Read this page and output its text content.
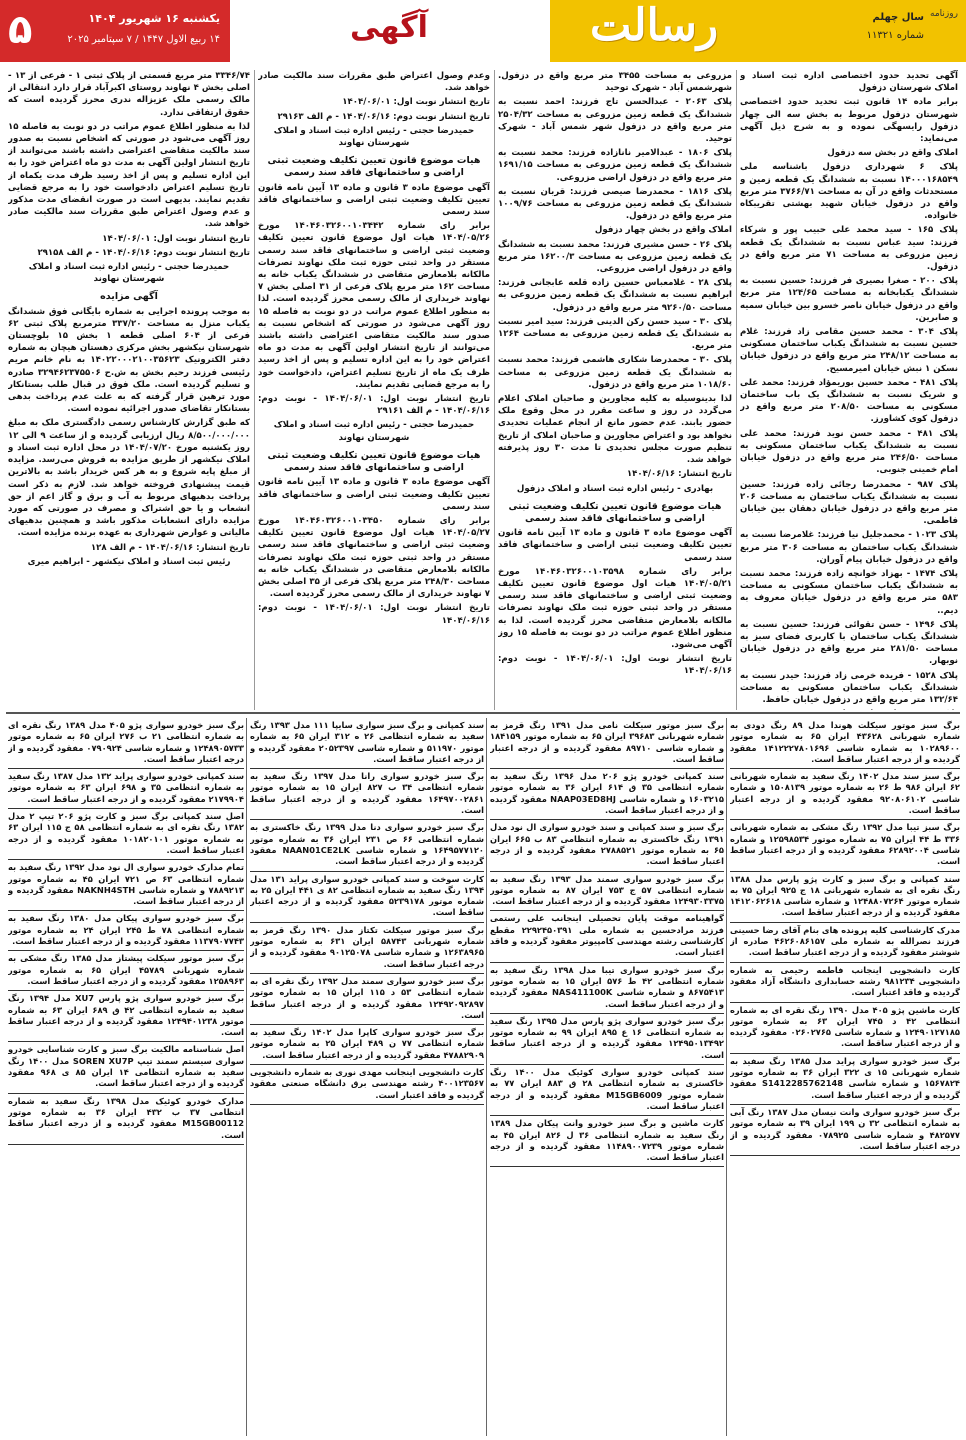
۵	یکشنبه ۱۶ شهریور ۱۴۰۴
۱۴ ربیع الاول ۱۴۴۷ / ۷ سپتامبر ۲۰۲۵	آگهی	رسالت	سال چهلم
شماره ۱۱۳۲۱
روزنامه

آگهی تحدید حدود اختصاصی اداره ثبت اسناد و املاک شهرستان دزفول

برابر ماده ۱۴ قانون ثبت تحدید حدود اختصاصی شهرستان دزفول مربوط به بخش سه الی چهار دزفول رایسهگی نموده و به شرح ذیل آگهی می‌نماید:

املاک واقع در بخش سه دزفول

پلاک ۶ شهرداری دزفول باشناسه ملی ۱۴۰۰۰۱۶۸۵۴۹ نسبت به ششدانگ یک قطعه زمین و مستحدثات واقع در آن به مساحت ۳۷۶۶/۷۱ متر مربع واقع در دزفول خیابان شهید بهشتی تقریبکاه خانواده.

پلاک ۱۶۵ - سید محمد علی حبیب پور و شرکاء فرزند: سید عباس نسبت به ششدانگ یک قطعه زمین مزروعی به مساحت ۷۱ متر مربع واقع در دزفول.

پلاک ۲۰۰ - صغرا بصیری فر فرزند: حسین نسبت به ششدانگ یکبابخانه به مساحت ۱۲۴/۶۵ متر مربع واقع در دزفول خیابان ناصر خسرو بین خیابان سمیه و صابرین.

پلاک ۳۰۴ - محمد حسین مقامی زاد فرزند: غلام حسین نسبت به ششدانگ یکباب ساختمان مسکونی به مساحت ۲۴۸/۱۲ متر مربع واقع در دزفول خیابان نسکن ۱ نبش خیابان امیرمسیح.

پلاک ۴۸۱ - محمد حسین بوریمؤاد فرزند: محمد علی و شریک نسبت به ششدانگ یک باب ساختمان مسکونی به مساحت ۲۰۸/۵۰ متر مربع واقع در دزفول کوی کشاورز.

پلاک ۴۸۱ - محمد حسن نوید فرزند: محمد علی نسبت به ششدانگ یکباب ساختمان مسکونی به مساحت ۲۴۶/۵۰ متر مربع واقع در دزفول خیابان امام خمینی جنوبی.

پلاک ۹۸۷ - محمدرضا رجائی زاده فرزند: حسین نسبت به ششدانگ یکباب ساختمان به مساحت ۲۰۶ متر مربع واقع در دزفول خیابان دهقان بین خیابان فاطمی.

پلاک ۱۰۲۳ - محمدجلیل نیا فرزند: غلامرضا نسبت به ششدانگ یکباب ساختمان به مساحت ۳۰۶ متر مربع واقع در دزفول خیابان پیام آوران.

پلاک ۱۴۷۴ - بهزاد خوانچه زاده فرزند: محمد نسبت به ششدانگ یکباب ساختمان مسکونی به مساحت ۵۸۳ متر مربع واقع در دزفول خیابان معروف به دیم..

پلاک ۱۴۹۶ - حسن تقوائی فرزند: حسین نسبت به ششدانگ یکباب ساختمان با کاربری فضای سبز به مساحت ۲۸۱/۵۰ متر مربع واقع در دزفول خیابان نوبهار.

پلاک ۱۵۲۸ - فریده خرمی زاد فرزند: حیدر نسبت به ششدانگ یکباب ساختمان مسکونی به مساحت ۱۳۲/۶۴ متر مربع واقع در دزفول خیابان حافظ.

مزروعی به مساحت ۳۴۵۵ متر مربع واقع در دزفول. شهرشمس آباد - شهرک توحید

پلاک ۲۰۶۳ - عبدالحسن تاج فرزند: احمد نسبت به ششدانگ یک قطعه زمین مزروعی به مساحت ۲۵۰۴/۳۲ متر مربع واقع در دزفول شهر شمس آباد - شهرک توحید.

پلاک ۱۸۰۶ - عبدالامیر نانازاده فرزند: محمد نسبت به ششدانگ یک قطعه زمین مزروعی به مساحت ۱۶۹۱/۱۵ متر مربع واقع در دزفول اراضی مزروعی.

پلاک ۱۸۱۶ - محمدرضا صیصی فرزند: قربان نسبت به ششدانگ یک قطعه زمین مزروعی به مساحت ۱۰۰۹/۷۶ متر مربع واقع در دزفول.

املاک واقع در بخش چهار دزفول

پلاک ۲۶ - حسن مشیری فرزند: محمد نسبت به ششدانگ یک قطعه زمین مزروعی به مساحت ۱۶۲۰۰/۳ متر مربع واقع در دزفول اراضی مزروعی.

پلاک ۲۸ - غلامعباس حسین زاده قلعه عابجانی فرزند: ابراهیم نسبت به ششدانگ یک قطعه زمین مزروعی به مساحت ۹۲۶۰/۵۰ متر مربع واقع در دزفول.

پلاک ۳۰ - سید حسن رکن الدینی فرزند: سید امیر نسبت به ششدانگ یک قطعه زمین مزروعی به مساحت ۱۲۶۴ متر مربع.

پلاک ۳۰ - محمدرضا شکاری هاشمی فرزند: محمد نسبت به ششدانگ یک قطعه زمین مزروعی به مساحت ۱۰۱۸/۶۰ متر مربع واقع در دزفول.

لذا بدینوسیله به کلیه مجاورین و صاحبان املاک اعلام می‌گردد در روز و ساعت مقرر در محل وقوع ملک حضور یابند. عدم حضور مانع از انجام عملیات تحدیدی نخواهد بود و اعتراض مجاورین و صاحبان املاک از تاریخ تنظیم صورت مجلس تحدیدی تا مدت ۳۰ روز پذیرفته خواهد شد.

تاریخ انتشار: ۱۴۰۴/۰۶/۱۶

بهادری - رئیس اداره ثبت اسناد و املاک دزفول

هیات موضوع قانون تعیین تکلیف وضعیت ثبتی اراضی و ساختمانهای فاقد سند رسمی

آگهی موضوع ماده ۳ قانون و ماده ۱۳ آیین نامه قانون تعیین تکلیف وضعیت ثبتی اراضی و ساختمانهای فاقد سند رسمی

برابر رای شماره ۱۴۰۴۶۰۳۲۶۰۰۱۰۳۵۹۸ مورخ ۱۴۰۴/۰۵/۲۱ هیات اول موضوع قانون تعیین تکلیف وضعیت ثبتی اراضی و ساختمانهای فاقد سند رسمی مستقر در واحد ثبتی حوزه ثبت ملک نهاوند تصرفات مالکانه بلامعارض متقاضی محرز گردیده است. لذا به منظور اطلاع عموم مراتب در دو نوبت به فاصله ۱۵ روز آگهی می‌شود.

تاریخ انتشار نوبت اول: ۱۴۰۴/۰۶/۰۱ - نوبت دوم: ۱۴۰۴/۰۶/۱۶

وعدم وصول اعتراض طبق مقررات سند مالکیت صادر خواهد شد.

تاریخ انتشار نوبت اول: ۱۴۰۴/۰۶/۰۱

تاریخ انتشار نوبت دوم: ۱۴۰۴/۰۶/۱۶ - م الف ۲۹۱۶۳

حمیدرضا حجتی - رئیس اداره ثبت اسناد و املاک شهرستان نهاوند

هیات موضوع قانون تعیین تکلیف وضعیت ثبتی اراضی و ساختمانهای فاقد سند رسمی

آگهی موضوع ماده ۳ قانون و ماده ۱۳ آیین نامه قانون تعیین تکلیف وضعیت ثبتی اراضی و ساختمانهای فاقد سند رسمی

برابر رای شماره ۱۴۰۴۶۰۳۲۶۰۰۱۰۳۴۴۲ مورخ ۱۴۰۴/۰۵/۲۶ هیات اول موضوع قانون تعیین تکلیف وضعیت ثبتی اراضی و ساختمانهای فاقد سند رسمی مستقر در واحد ثبتی حوزه ثبت ملک نهاوند تصرفات مالکانه بلامعارض متقاضی در ششدانگ یکباب خانه به مساحت ۱۶۲ متر مربع پلاک فرعی از ۳۱ اصلی بخش ۷ نهاوند خریداری از مالک رسمی محرز گردیده است. لذا به منظور اطلاع عموم مراتب در دو نوبت به فاصله ۱۵ روز آگهی می‌شود در صورتی که اشخاص نسبت به صدور سند مالکیت متقاضی اعتراضی داشته باشند می‌توانند از تاریخ انتشار اولین آگهی به مدت دو ماه اعتراض خود را به این اداره تسلیم و پس از اخذ رسید ظرف یک ماه از تاریخ تسلیم اعتراض، دادخواست خود را به مرجع قضایی تقدیم نمایند.

تاریخ انتشار نوبت اول: ۱۴۰۴/۰۶/۰۱ - نوبت دوم: ۱۴۰۴/۰۶/۱۶ - م الف ۲۹۱۶۱

حمیدرضا حجتی - رئیس اداره ثبت اسناد و املاک شهرستان نهاوند

هیات موضوع قانون تعیین تکلیف وضعیت ثبتی اراضی و ساختمانهای فاقد سند رسمی

آگهی موضوع ماده ۳ قانون و ماده ۱۳ آیین نامه قانون تعیین تکلیف وضعیت ثبتی اراضی و ساختمانهای فاقد سند رسمی

برابر رای شماره ۱۴۰۴۶۰۳۲۶۰۰۱۰۳۴۵۰ مورخ ۱۴۰۴/۰۵/۲۷ هیات اول موضوع قانون تعیین تکلیف وضعیت ثبتی اراضی و ساختمانهای فاقد سند رسمی مستقر در واحد ثبتی حوزه ثبت ملک نهاوند تصرفات مالکانه بلامعارض متقاضی در ششدانگ یکباب خانه به مساحت ۲۴۸/۳۰ متر مربع پلاک فرعی از ۳۵ اصلی بخش ۷ نهاوند خریداری از مالک رسمی محرز گردیده است.

تاریخ انتشار نوبت اول: ۱۴۰۴/۰۶/۰۱ - نوبت دوم: ۱۴۰۴/۰۶/۱۶

۳۳۴۶/۷۴ متر مربع قسمتی از پلاک ثبتی ۱ - فرعی از ۱۳ - اصلی بخش ۴ نهاوند روستای اکبرآباد قرار دارد انتقالی از مالک رسمی ملک عزیزاله ندری محرز گردیده است که حقوق ارتفاقی ندارد.

لذا به منظور اطلاع عموم مراتب در دو نوبت به فاصله ۱۵ روز آگهی می‌شود در صورتی که اشخاص نسبت به صدور سند مالکیت متقاضی اعتراضی داشته باشند می‌توانند از تاریخ انتشار اولین آگهی به مدت دو ماه اعتراض خود را به این اداره تسلیم و پس از اخذ رسید ظرف مدت یکماه از تاریخ تسلیم اعتراض دادخواست خود را به مرجع قضایی تقدیم نمایند. بدیهی است در صورت انقضای مدت مذکور و عدم وصول اعتراض طبق مقررات سند مالکیت صادر خواهد شد.

تاریخ انتشار نوبت اول: ۱۴۰۴/۰۶/۰۱

تاریخ انتشار نوبت دوم: ۱۴۰۴/۰۶/۱۶ - م الف ۲۹۱۵۸

حمیدرضا حجتی - رئیس اداره ثبت اسناد و املاک شهرستان نهاوند

آگهی مزایده

به موجب پرونده اجرایی به شماره بایگانی فوق ششدانگ یکباب منزل به مساحت ۳۳۷/۲۰ مترمربع پلاک ثبتی ۶۲ فرعی از ۶۰۴ اصلی قطعه ۱ بخش ۱۵ بلوچستان شهرستان نیکشهر بخش مرکزی دهستان هیچان به شماره دفتر الکترونیک ۱۴۰۲۲۰۰۰۲۱۰۰۳۵۶۲۳ به نام خانم مریم رئیسی فرزند رحیم بخش به ش.ح ۳۲۹۴۶۲۳۷۵۵۰۶ صادره و تسلیم گردیده است. ملک فوق در قبال طلب بستانکار مورد ترهین قرار گرفته که به علت عدم پرداخت بدهی بستانکار تقاضای صدور اجرائیه نموده است.

که طبق گزارش کارشناس رسمی دادگستری ملک به مبلغ ۸/۵۰۰/۰۰۰/۰۰۰ ریال ارزیابی گردیده و از ساعت ۹ الی ۱۲ روز یکشنبه مورخ ۱۴۰۴/۰۷/۲۰ در محل اداره ثبت اسناد و املاک نیکشهر از طریق مزایده به فروش می‌رسد. مزایده از مبلغ پایه شروع و به هر کس خریدار باشد به بالاترین قیمت پیشنهادی فروخته خواهد شد. لازم به ذکر است پرداخت بدهیهای مربوط به آب و برق و گاز اعم از حق انشعاب و یا حق اشتراک و مصرف در صورتی که مورد مزایده دارای انشعابات مذکور باشد و همچنین بدهیهای مالیاتی و عوارض شهرداری به عهده برنده مزایده است.

تاریخ انتشار: ۱۴۰۴/۰۶/۱۶ - م الف ۱۲۸

رئیس ثبت اسناد و املاک نیکشهر - ابراهیم میری

برگ سبز موتور سیکلت هوندا مدل ۸۹ رنگ دودی به شماره شهربانی ۴۳۶۲۸ ایران ۶۵ به شماره موتور ۱۰۲۸۹۶۰۰ به شماره شاسی ۱۴۱۲۲۲۷۸۰۱۶۹۶ مفقود گردیده و از درجه اعتبار ساقط است.
برگ سبز سند مدل ۱۴۰۲ رنگ سفید به شماره شهربانی ۶۲ ایران ۹۸۶ ط ۲۶ به شماره موتور ۱۵۰۸۱۳۹ و شماره شاسی ۹۲۰۸۰۶۱۰۲ مفقود گردیده و از درجه اعتبار ساقط است.
برگ سبز تیبا مدل ۱۳۹۲ رنگ مشکی به شماره شهربانی ۳۳۶ ط ۴۴ ایران ۷۵ به شماره موتور ۱۲۵۹۸۵۳۴ و شماره شاسی ۶۲۸۹۲۰۰۴ مفقود گردیده و از درجه اعتبار ساقط است.
سند کمپانی و برگ سبز و کارت پژو پارس مدل ۱۳۸۸ رنگ نقره ای به شماره شهربانی ۱۸ ج ۹۲۵ ایران ۷۵ به شماره موتور ۱۲۴۸۸۰۷۲۶۴ و شماره شاسی ۱۴۱۲۰۶۲۶۱۸ مفقود گردیده و از درجه اعتبار ساقط است.
مدرک کارشناسی کلیه پرونده های بنام آقای رضا حسینی فرزند نصرالله به شماره ملی ۴۶۲۶۰۸۶۱۵۷ صادره از شوشتر مفقود گردیده و از درجه اعتبار ساقط است.
کارت دانشجویی اینجانب فاطمه رحیمی به شماره دانشجویی ۹۸۱۲۳۴ رشته حسابداری دانشگاه آزاد مفقود گردیده و فاقد اعتبار است.
کارت ماشین پژو ۴۰۵ مدل ۱۳۹۰ رنگ نقره ای به شماره انتظامی ۴۲ د ۷۴۵ ایران ۶۳ به شماره موتور ۱۲۴۹۰۱۲۷۱۸۵ و شماره شاسی ۰۲۶۰۲۷۶۵ مفقود گردیده و از درجه اعتبار ساقط است.
برگ سبز خودرو سواری پراید مدل ۱۳۸۵ رنگ سفید به شماره شهربانی ۱۵ ی ۳۲۲ ایران ۳۶ به شماره موتور ۱۵۶۷۸۲۴ و شماره شاسی S1412285762148 مفقود گردیده و از درجه اعتبار ساقط است.
برگ سبز خودرو سواری وانت نیسان مدل ۱۳۸۷ رنگ آبی به شماره انتظامی ۳۲ ن ۱۹۹ ایران ۳۹ به شماره موتور ۴۸۲۵۷۷ و شماره شاسی ۰۷۸۹۲۵ مفقود گردیده و از درجه اعتبار ساقط است.
برگ سبز موتور سیکلت نامی مدل ۱۳۹۱ رنگ قرمز به شماره شهربانی ۳۹۶۸۳ ایران ۶۵ به شماره موتور ۱۸۴۱۵۹ و شماره شاسی ۸۹۷۱۰ مفقود گردیده و از درجه اعتبار ساقط است.
سند کمپانی خودرو پژو ۲۰۶ مدل ۱۳۹۶ رنگ سفید به شماره انتظامی ۳۵ ق ۶۱۴ ایران ۳۶ به شماره موتور ۱۶۰۳۲۱۵ و شماره شاسی NAAP03ED8HJ مفقود گردیده و از درجه اعتبار ساقط است.
برگ سبز و سند کمپانی و سند خودرو سواری ال نود مدل ۱۳۹۱ رنگ خاکستری به شماره انتظامی ۸۳ ب ۶۶۵ ایران ۶۵ به شماره موتور ۲۷۸۸۵۲۱ مفقود گردیده و از درجه اعتبار ساقط است.
برگ سبز خودرو سواری سمند مدل ۱۳۹۳ رنگ سفید به شماره انتظامی ۵۷ ج ۷۵۳ ایران ۸۷ به شماره موتور ۱۲۴۹۳۰۳۳۷۵ مفقود گردیده و از درجه اعتبار ساقط است.
گواهینامه موقت پایان تحصیلی اینجانب علی رستمی فرزند مرادحسین به شماره ملی ۲۲۹۲۴۵۰۳۹۱ مقطع کارشناسی رشته مهندسی کامپیوتر مفقود گردیده و فاقد اعتبار است.
برگ سبز خودرو سواری تیبا مدل ۱۳۹۸ رنگ سفید به شماره انتظامی ۴۲ ط ۵۷۶ ایران ۱۵ به شماره موتور ۸۶۷۵۴۱۳ و شماره شاسی NAS411100K مفقود گردیده و از درجه اعتبار ساقط است.
برگ سبز خودرو سواری پژو پارس مدل ۱۳۹۵ رنگ سفید به شماره انتظامی ۱۶ ع ۸۹۵ ایران ۹۹ به شماره موتور ۱۲۴۹۵۰۱۳۴۹۲ مفقود گردیده و از درجه اعتبار ساقط است.
سند کمپانی خودرو سواری کوئیک مدل ۱۴۰۰ رنگ خاکستری به شماره انتظامی ۲۸ ق ۸۸۳ ایران ۷۷ به شماره موتور M15GB6009 مفقود گردیده و از درجه اعتبار ساقط است.
کارت ماشین و برگ سبز خودرو وانت پیکان مدل ۱۳۸۹ رنگ سفید به شماره انتظامی ۳۶ ل ۸۲۶ ایران ۴۵ به شماره موتور ۱۱۴۸۹۰۰۷۲۳۹ مفقود گردیده و از درجه اعتبار ساقط است.
سند کمپانی و برگ سبز سواری سایپا ۱۱۱ مدل ۱۳۹۳ رنگ سفید به شماره انتظامی ۲۶ ه ۳۱۲ ایران ۶۵ به شماره موتور ۵۱۱۹۷۰ و شماره شاسی ۲۰۵۲۳۹۷ مفقود گردیده و از درجه اعتبار ساقط است.
برگ سبز خودرو سواری رانا مدل ۱۳۹۷ رنگ سفید به شماره انتظامی ۳۴ ب ۸۲۷ ایران ۱۵ به شماره موتور ۱۶۴۹۷۰۰۲۸۶۱ مفقود گردیده و از درجه اعتبار ساقط است.
برگ سبز خودرو سواری دنا مدل ۱۳۹۹ رنگ خاکستری به شماره انتظامی ۶۶ ص ۲۳۱ ایران ۳۶ به شماره موتور ۱۶۴۹۵۷۷۱۲۰ و شماره شاسی NAAN01CE2LK مفقود گردیده و از درجه اعتبار ساقط است.
کارت سوخت و سند کمپانی خودرو سواری پراید ۱۳۱ مدل ۱۳۹۴ رنگ سفید به شماره انتظامی ۸۲ ی ۴۴۱ ایران ۲۵ به شماره موتور ۵۲۳۹۱۷۸ مفقود گردیده و از درجه اعتبار ساقط است.
برگ سبز موتور سیکلت تکتاز مدل ۱۳۹۰ رنگ قرمز به شماره شهربانی ۵۸۷۴۳ ایران ۶۳۱ به شماره موتور ۱۲۶۳۸۹۶۵ و شماره شاسی ۹۰۱۲۵۰۷۸ مفقود گردیده و از درجه اعتبار ساقط است.
برگ سبز خودرو سواری سمند مدل ۱۳۹۲ رنگ نقره ای به شماره انتظامی ۵۳ د ۱۱۵ ایران ۱۵ به شماره موتور ۱۲۴۹۲۰۹۲۸۹۷ مفقود گردیده و از درجه اعتبار ساقط است.
برگ سبز خودرو سواری کاپرا مدل ۱۴۰۲ رنگ سفید به شماره انتظامی ۷۷ ن ۴۸۹ ایران ۲۵ به شماره موتور ۴۷۸۸۲۹۰۹ مفقود گردیده و از درجه اعتبار ساقط است.
کارت دانشجویی اینجانب مهدی نوری به شماره دانشجویی ۴۰۰۱۲۳۵۶۷ رشته مهندسی برق دانشگاه صنعتی مفقود گردیده و فاقد اعتبار است.
برگ سبز خودرو سواری پژو ۴۰۵ مدل ۱۳۸۹ رنگ نقره ای به شماره انتظامی ۲۱ ب ۲۷۶ ایران ۶۵ به شماره موتور ۱۲۴۸۹۰۵۷۳۳ و شماره شاسی ۰۷۹۰۹۲۴ مفقود گردیده و از درجه اعتبار ساقط است.
سند کمپانی خودرو سواری پراید ۱۳۲ مدل ۱۳۸۷ رنگ سفید به شماره انتظامی ۳۵ و ۶۹۸ ایران ۶۳ به شماره موتور ۲۱۷۹۹۰۴ مفقود گردیده و از درجه اعتبار ساقط است.
اصل سند کمپانی برگ سبز و کارت پژو ۲۰۶ تیپ ۲ مدل ۱۳۸۲ رنگ نقره ای به شماره انتظامی ۵۸ ج ۱۱۵ ایران ۶۳ به شماره موتور ۱۰۱۸۲۰۱۰۱ مفقود گردیده و از درجه اعتبار ساقط است.
تمام مدارک خودرو سواری ال نود مدل ۱۳۹۲ رنگ سفید به شماره انتظامی ۶۳ ص ۷۲۱ ایران ۴۵ به شماره موتور ۷۸۸۹۲۱۳ و شماره شاسی NAKNH4STH مفقود گردیده و از درجه اعتبار ساقط است.
برگ سبز خودرو سواری پیکان مدل ۱۳۸۰ رنگ سفید به شماره انتظامی ۷۸ ط ۲۴۵ ایران ۲۴ به شماره موتور ۱۱۳۷۹۰۷۷۴۳ مفقود گردیده و از درجه اعتبار ساقط است.
برگ سبز موتور سیکلت پیشتاز مدل ۱۳۸۵ رنگ مشکی به شماره شهربانی ۴۵۷۸۹ ایران ۶۵ به شماره موتور ۱۲۵۸۹۶۳ مفقود گردیده و از درجه اعتبار ساقط است.
برگ سبز خودرو سواری پژو پارس XU7 مدل ۱۳۹۴ رنگ سفید به شماره انتظامی ۴۲ ق ۶۸۹ ایران ۶۳ به شماره موتور ۱۲۴۹۴۰۱۲۳۸ مفقود گردیده و از درجه اعتبار ساقط است.
اصل شناسنامه مالکیت برگ سبز و کارت شناسایی خودرو سواری سیستم سمند تیپ SOREN XU7P مدل ۱۴۰۰ رنگ سفید به شماره انتظامی ۱۴ ایران ۸۵ ی ۹۶۸ مفقود گردیده و از درجه اعتبار ساقط است.
مدارک خودرو کوئیک مدل ۱۳۹۸ رنگ سفید به شماره انتظامی ۳۷ ب ۴۳۲ ایران ۳۶ به شماره موتور M15GB00112 مفقود گردیده و از درجه اعتبار ساقط است.
